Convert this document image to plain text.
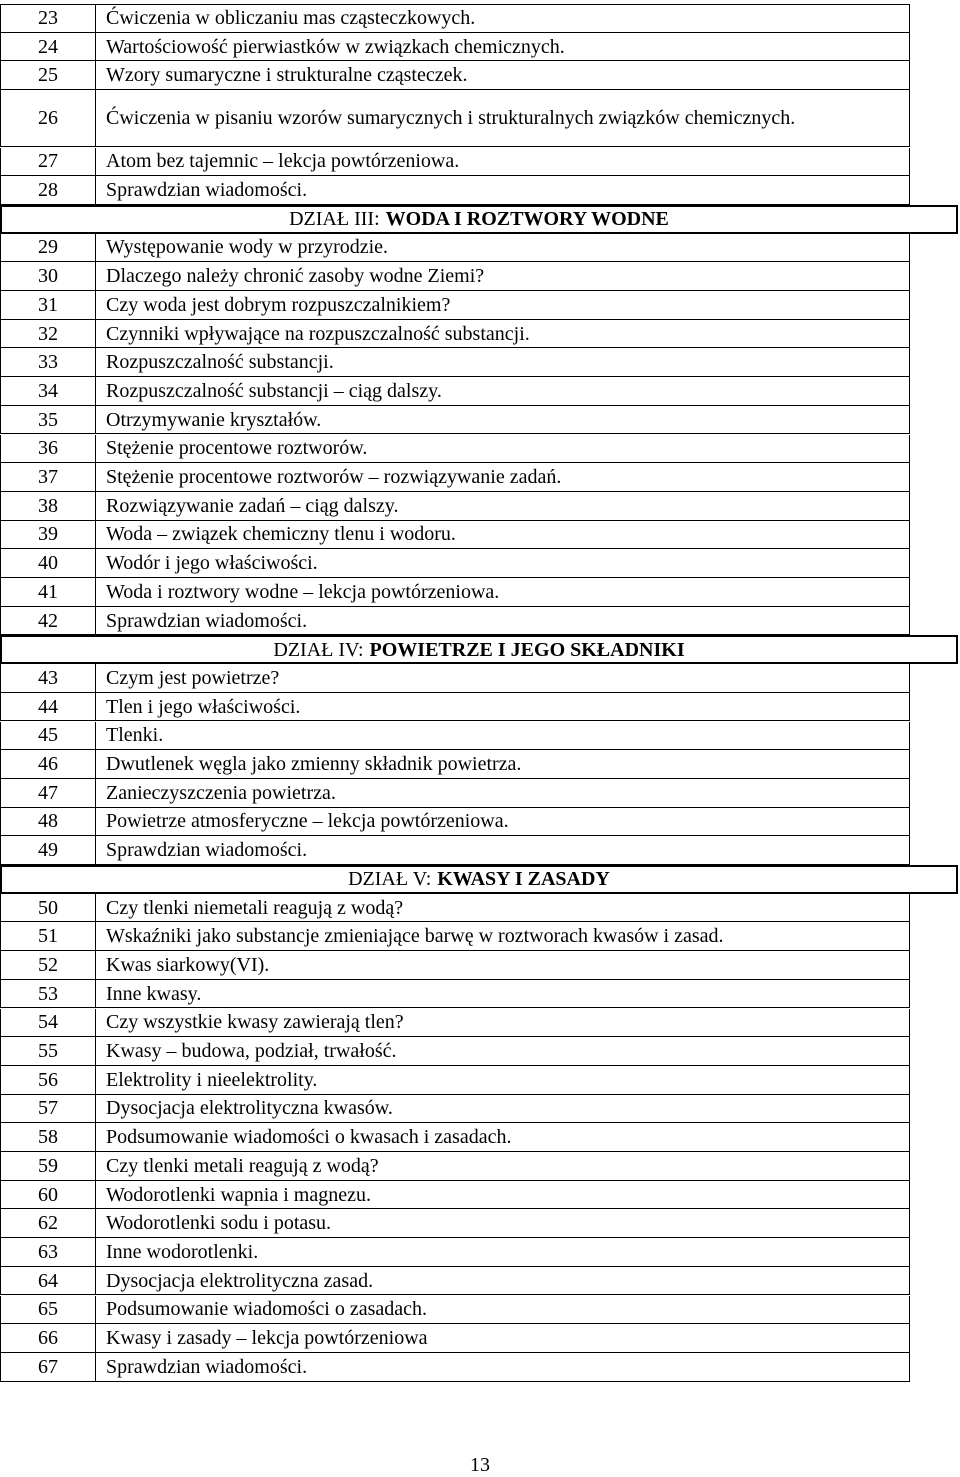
23	Ćwiczenia w obliczaniu mas cząsteczkowych.
24	Wartościowość pierwiastków w związkach chemicznych.
25	Wzory sumaryczne i strukturalne cząsteczek.
26	Ćwiczenia w pisaniu wzorów sumarycznych i strukturalnych związków chemicznych.
27	Atom bez tajemnic – lekcja powtórzeniowa.
28	Sprawdzian wiadomości.
DZIAŁ III: WODA I ROZTWORY WODNE
29	Występowanie wody w przyrodzie.
30	Dlaczego należy chronić zasoby wodne Ziemi?
31	Czy woda jest dobrym rozpuszczalnikiem?
32	Czynniki wpływające na rozpuszczalność substancji.
33	Rozpuszczalność substancji.
34	Rozpuszczalność substancji – ciąg dalszy.
35	Otrzymywanie kryształów.
36	Stężenie procentowe roztworów.
37	Stężenie procentowe roztworów – rozwiązywanie zadań.
38	Rozwiązywanie zadań – ciąg dalszy.
39	Woda – związek chemiczny tlenu i wodoru.
40	Wodór i jego właściwości.
41	Woda i roztwory wodne – lekcja powtórzeniowa.
42	Sprawdzian wiadomości.
DZIAŁ IV: POWIETRZE I JEGO SKŁADNIKI
43	Czym jest powietrze?
44	Tlen i jego właściwości.
45	Tlenki.
46	Dwutlenek węgla jako zmienny składnik powietrza.
47	Zanieczyszczenia powietrza.
48	Powietrze atmosferyczne – lekcja powtórzeniowa.
49	Sprawdzian wiadomości.
DZIAŁ V: KWASY I ZASADY
50	Czy tlenki niemetali reagują z wodą?
51	Wskaźniki jako substancje zmieniające barwę w roztworach kwasów i zasad.
52	Kwas siarkowy(VI).
53	Inne kwasy.
54	Czy wszystkie kwasy zawierają tlen?
55	Kwasy – budowa, podział, trwałość.
56	Elektrolity i nieelektrolity.
57	Dysocjacja elektrolityczna kwasów.
58	Podsumowanie wiadomości o kwasach i zasadach.
59	Czy tlenki metali reagują z wodą?
60	Wodorotlenki wapnia i magnezu.
62	Wodorotlenki sodu i potasu.
63	Inne wodorotlenki.
64	Dysocjacja elektrolityczna zasad.
65	Podsumowanie wiadomości o zasadach.
66	Kwasy i zasady – lekcja powtórzeniowa
67	Sprawdzian wiadomości.
13
